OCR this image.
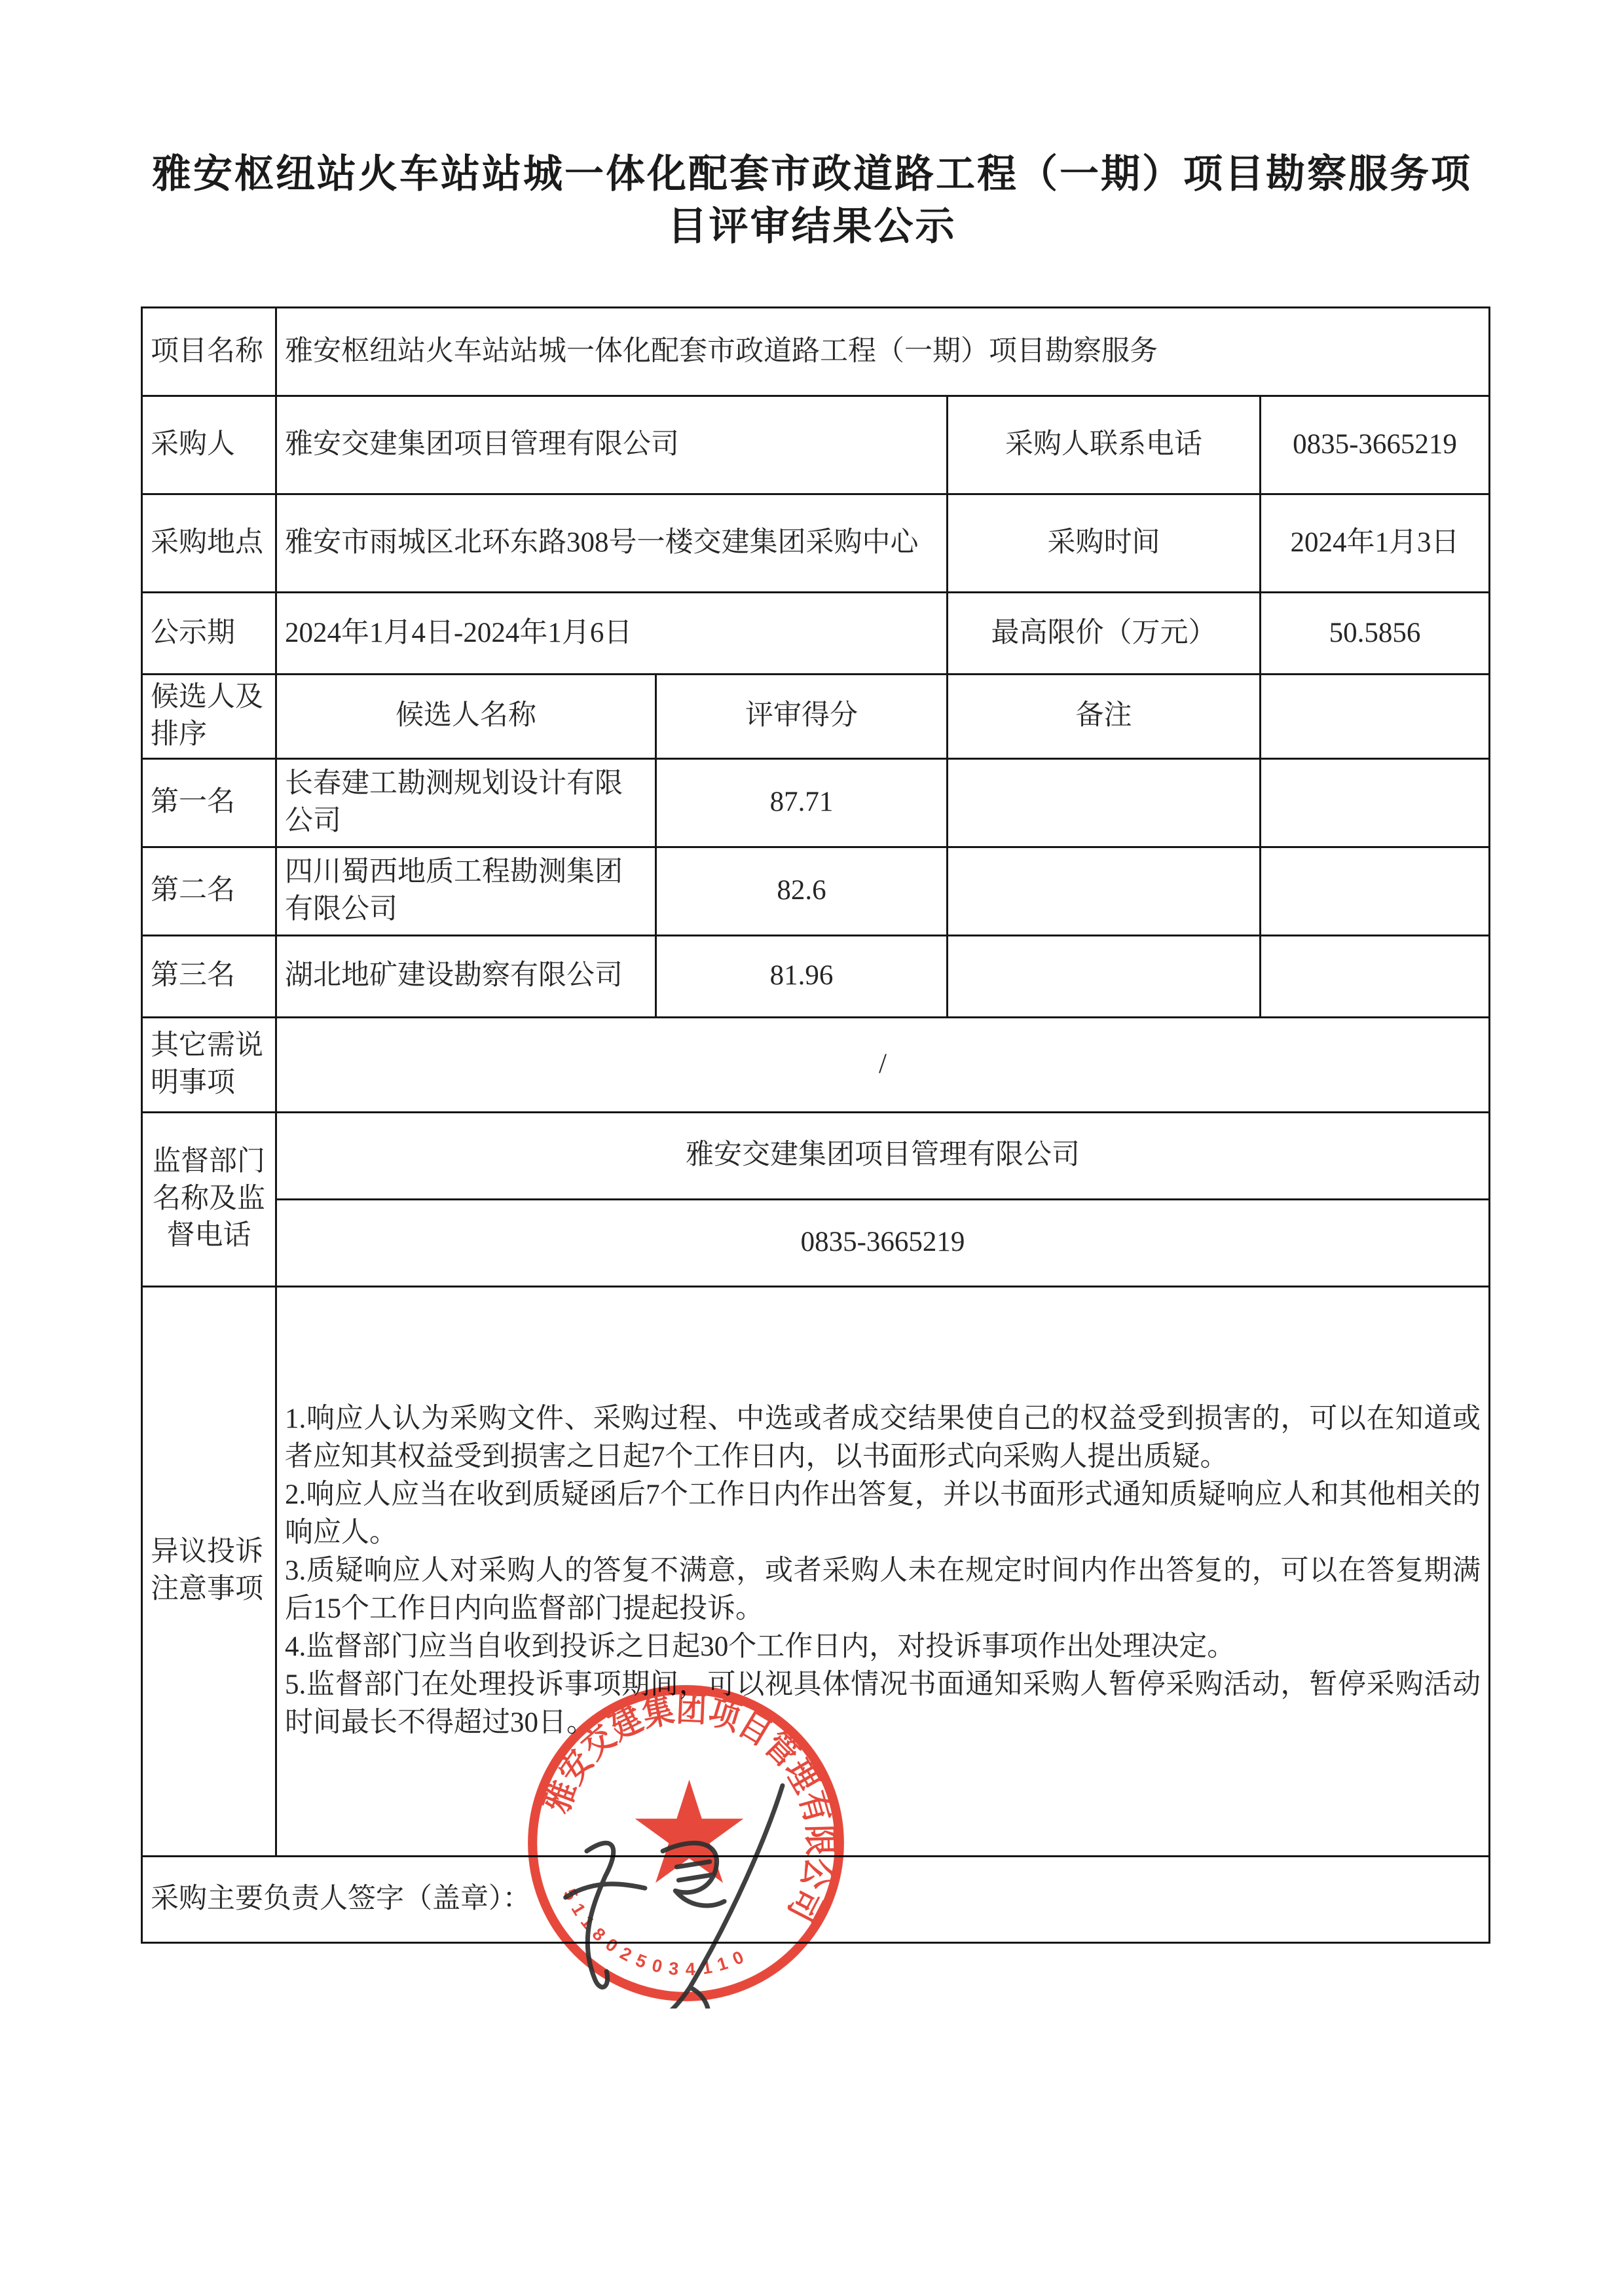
雅安枢纽站火车站站城一体化配套市政道路工程（一期）项目勘察服务项
目评审结果公示
项目名称	雅安枢纽站火车站站城一体化配套市政道路工程（一期）项目勘察服务			
采购人	雅安交建集团项目管理有限公司		采购人联系电话	0835-3665219
采购地点	雅安市雨城区北环东路308号一楼交建集团采购中心		采购时间	2024年1月3日
公示期	2024年1月4日-2024年1月6日		最高限价（万元）	50.5856
候选人及排序	候选人名称	评审得分	备注	
第一名	长春建工勘测规划设计有限公司	87.71		
第二名	四川蜀西地质工程勘测集团有限公司	82.6		
第三名	湖北地矿建设勘察有限公司	81.96		
其它需说明事项	/			
监督部门名称及监督电话	雅安交建集团项目管理有限公司			
	0835-3665219			
异议投诉注意事项	1.响应人认为采购文件、采购过程、中选或者成交结果使自己的权益受到损害的，可以在知道或者应知其权益受到损害之日起7个工作日内，以书面形式向采购人提出质疑。

2.响应人应当在收到质疑函后7个工作日内作出答复，并以书面形式通知质疑响应人和其他相关的响应人。

3.质疑响应人对采购人的答复不满意，或者采购人未在规定时间内作出答复的，可以在答复期满后15个工作日内向监督部门提起投诉。

4.监督部门应当自收到投诉之日起30个工作日内，对投诉事项作出处理决定。

5.监督部门在处理投诉事项期间，可以视具体情况书面通知采购人暂停采购活动，暂停采购活动时间最长不得超过30日。			

采购主要负责人签字（盖章）：				
雅安交建集团项目管理有限公司
5118025034110
